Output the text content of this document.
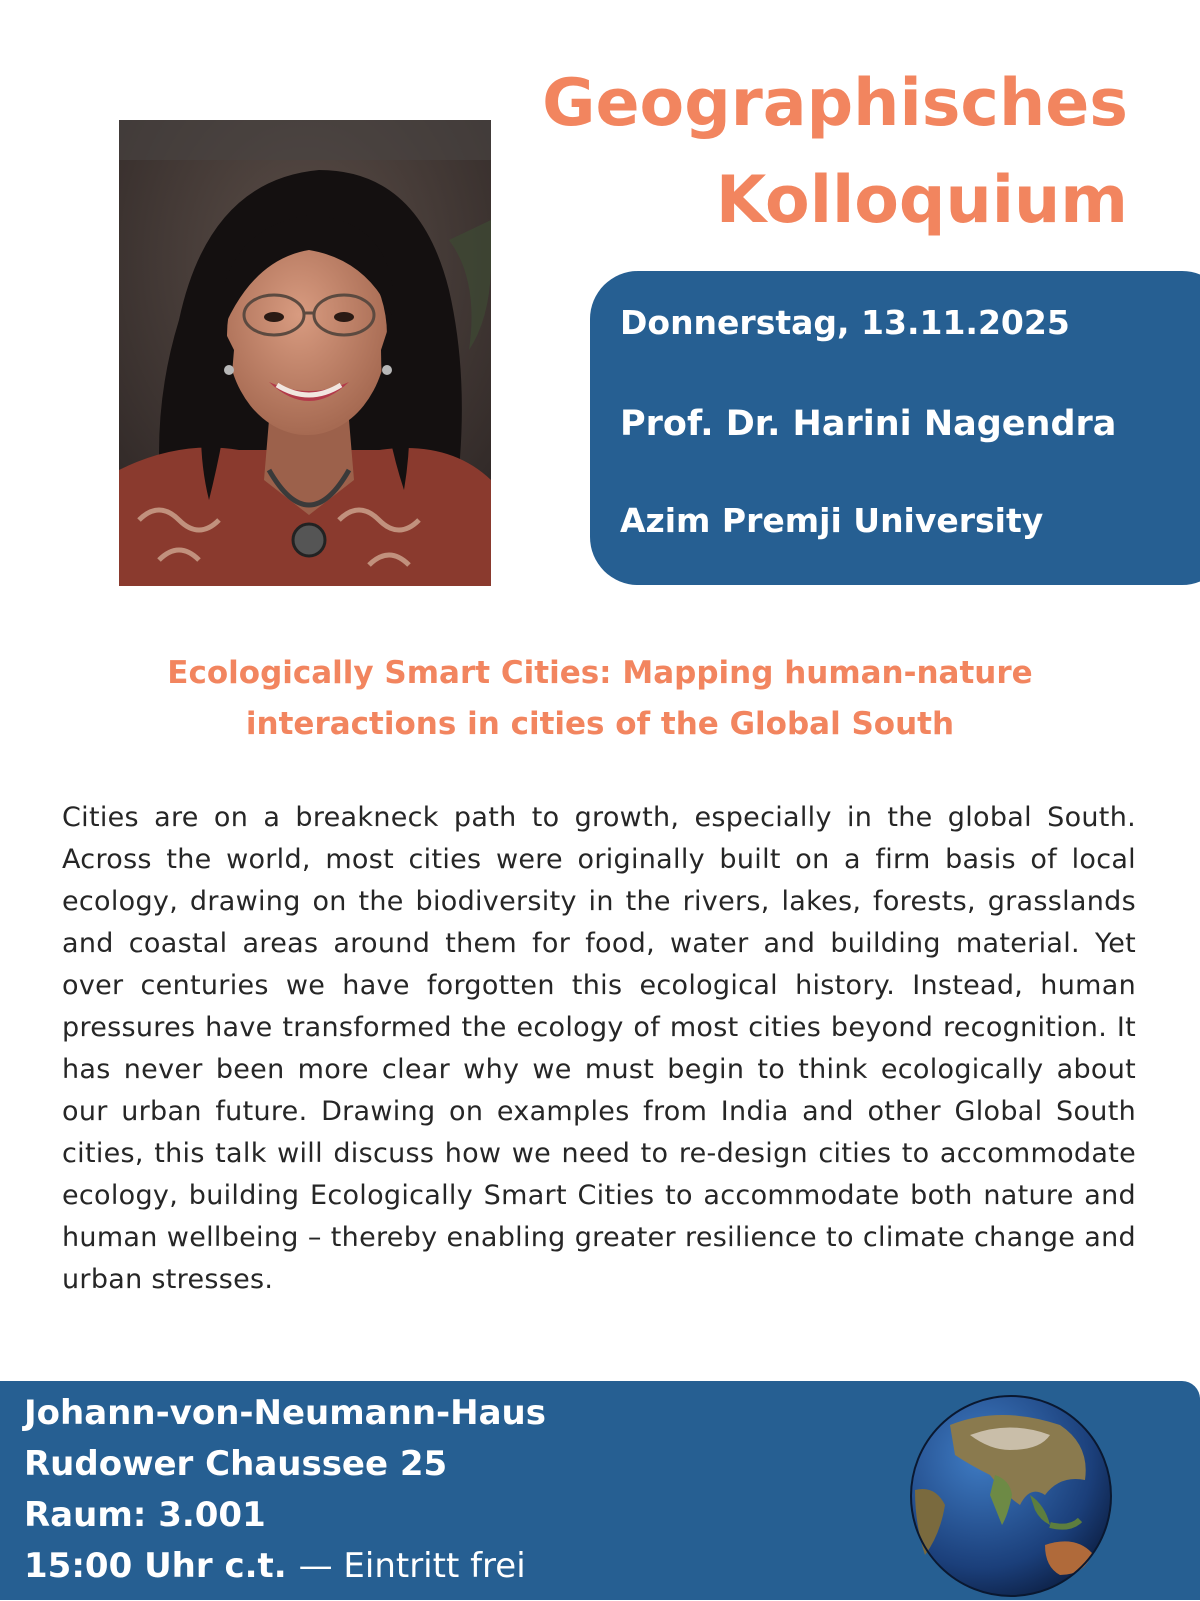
Geographisches
Kolloquium
Donnerstag, 13.11.2025
Prof. Dr. Harini Nagendra
Azim Premji University
Ecologically Smart Cities: Mapping human-nature
interactions in cities of the Global South
Cities are on a breakneck path to growth, especially in the global South. Across the world, most cities were originally built on a firm basis of local ecology, drawing on the biodiversity in the rivers, lakes, forests, grasslands and coastal areas around them for food, water and building material. Yet over centuries we have forgotten this ecological history. Instead, human pressures have transformed the ecology of most cities beyond recognition. It has never been more clear why we must begin to think ecologically about our urban future. Drawing on examples from India and other Global South cities, this talk will discuss how we need to re-design cities to accommodate ecology, building Ecologically Smart Cities to accommodate both nature and human wellbeing – thereby enabling greater resilience to climate change and urban stresses.
Johann-von-Neumann-Haus
Rudower Chaussee 25
Raum: 3.001
15:00 Uhr c.t. — Eintritt frei
